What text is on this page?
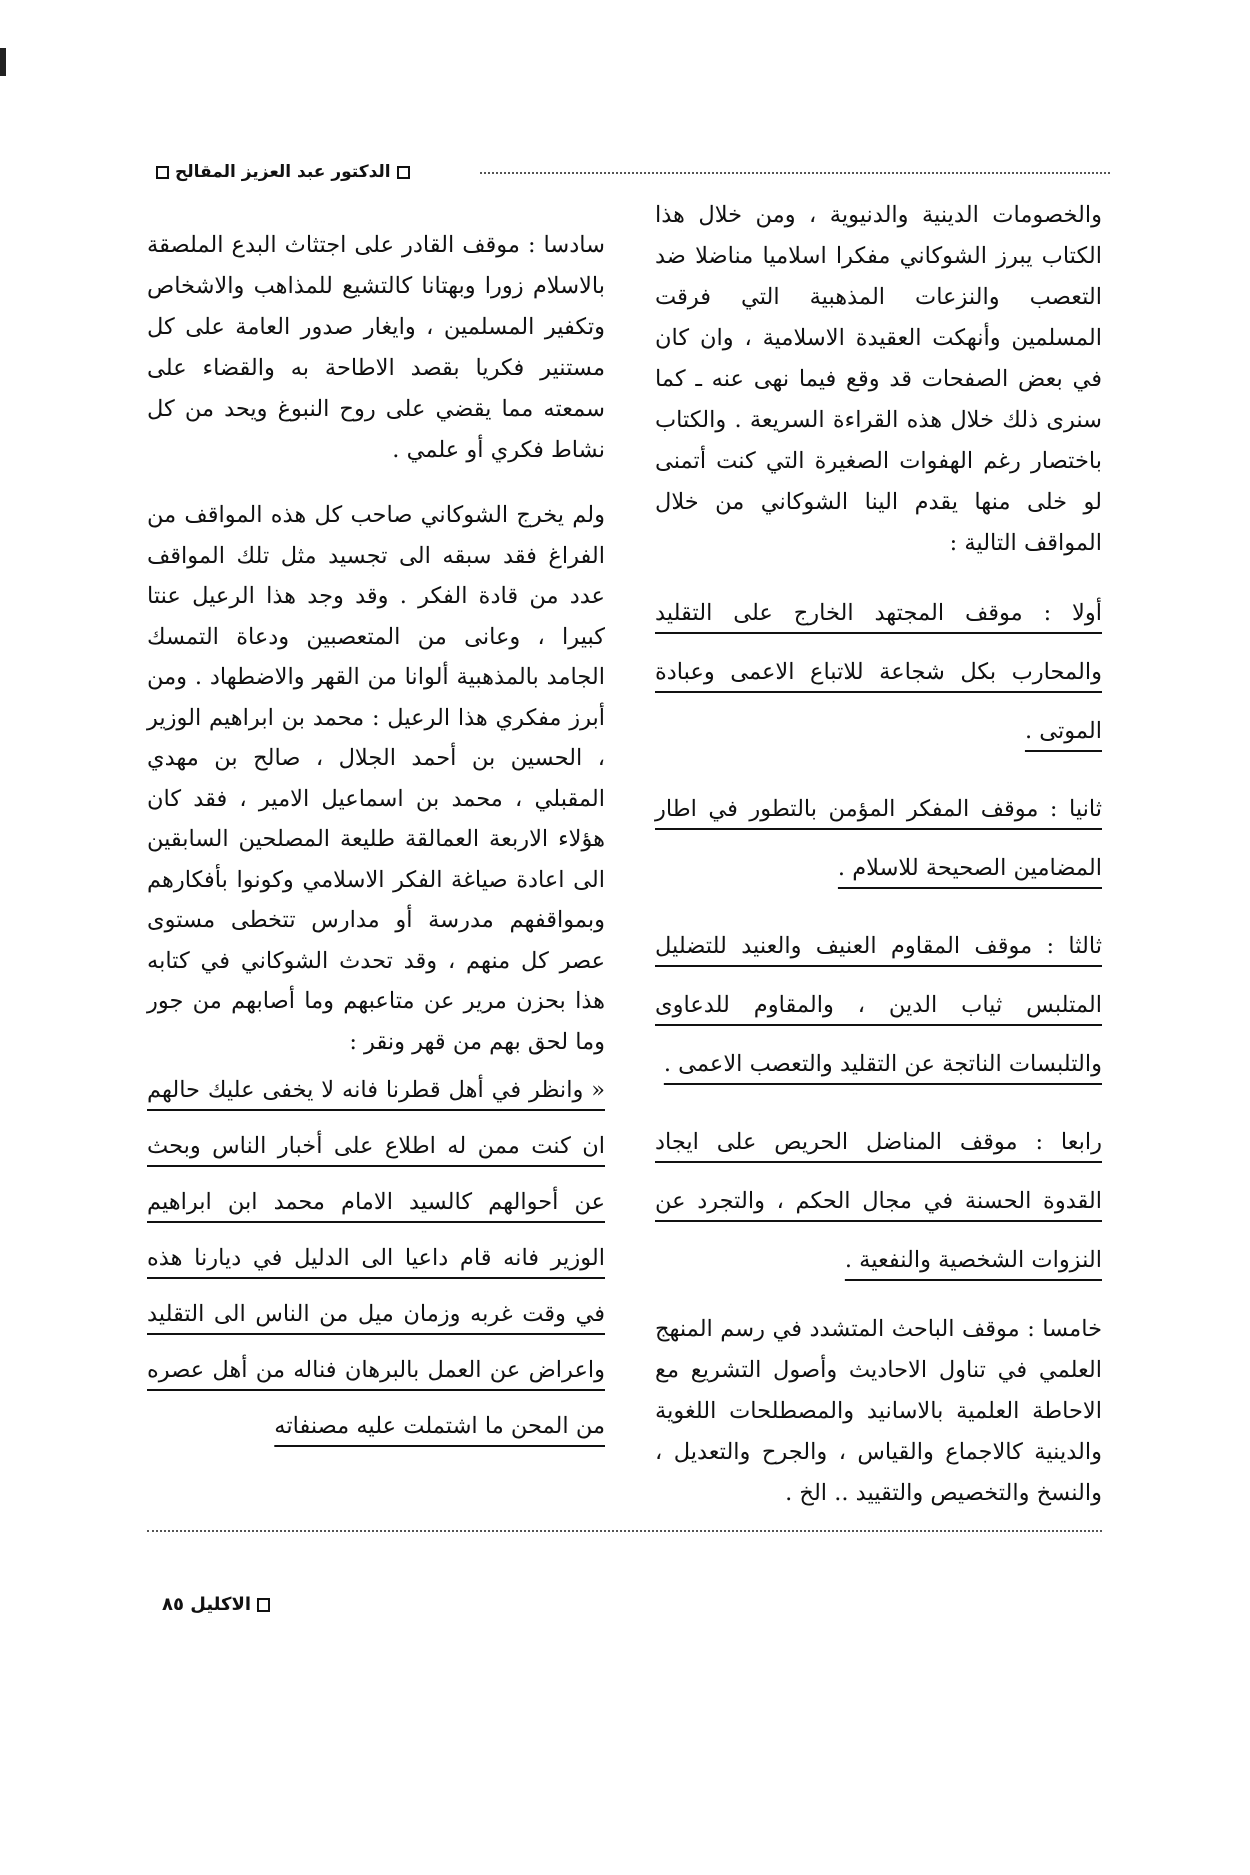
الدكتور عبد العزيز المقالح

والخصومات الدينية والدنيوية ، ومن خلال هذا الكتاب يبرز الشوكاني مفكرا اسلاميا مناضلا ضد التعصب والنزعات المذهبية التي فرقت المسلمين وأنهكت العقيدة الاسلامية ، وان كان في بعض الصفحات قد وقع فيما نهى عنه ـ كما سنرى ذلك خلال هذه القراءة السريعة . والكتاب باختصار رغم الهفوات الصغيرة التي كنت أتمنى لو خلى منها يقدم الينا الشوكاني من خلال المواقف التالية :

أولا : موقف المجتهد الخارج على التقليد والمحارب بكل شجاعة للاتباع الاعمى وعبادة الموتى .

ثانيا : موقف المفكر المؤمن بالتطور في اطار المضامين الصحيحة للاسلام .

ثالثا : موقف المقاوم العنيف والعنيد للتضليل المتلبس ثياب الدين ، والمقاوم للدعاوى والتلبسات الناتجة عن التقليد والتعصب الاعمى .

رابعا : موقف المناضل الحريص على ايجاد القدوة الحسنة في مجال الحكم ، والتجرد عن النزوات الشخصية والنفعية .

خامسا : موقف الباحث المتشدد في رسم المنهج العلمي في تناول الاحاديث وأصول التشريع مع الاحاطة العلمية بالاسانيد والمصطلحات اللغوية والدينية كالاجماع والقياس ، والجرح والتعديل ، والنسخ والتخصيص والتقييد .. الخ .

سادسا : موقف القادر على اجتثاث البدع الملصقة بالاسلام زورا وبهتانا كالتشيع للمذاهب والاشخاص وتكفير المسلمين ، وايغار صدور العامة على كل مستنير فكريا بقصد الاطاحة به والقضاء على سمعته مما يقضي على روح النبوغ ويحد من كل نشاط فكري أو علمي .

ولم يخرج الشوكاني صاحب كل هذه المواقف من الفراغ فقد سبقه الى تجسيد مثل تلك المواقف عدد من قادة الفكر . وقد وجد هذا الرعيل عنتا كبيرا ، وعانى من المتعصبين ودعاة التمسك الجامد بالمذهبية ألوانا من القهر والاضطهاد . ومن أبرز مفكري هذا الرعيل : محمد بن ابراهيم الوزير ، الحسين بن أحمد الجلال ، صالح بن مهدي المقبلي ، محمد بن اسماعيل الامير ، فقد كان هؤلاء الاربعة العمالقة طليعة المصلحين السابقين الى اعادة صياغة الفكر الاسلامي وكونوا بأفكارهم وبمواقفهم مدرسة أو مدارس تتخطى مستوى عصر كل منهم ، وقد تحدث الشوكاني في كتابه هذا بحزن مرير عن متاعبهم وما أصابهم من جور وما لحق بهم من قهر ونقر :

« وانظر في أهل قطرنا فانه لا يخفى عليك حالهم ان كنت ممن له اطلاع على أخبار الناس وبحث عن أحوالهم كالسيد الامام محمد ابن ابراهيم الوزير فانه قام داعيا الى الدليل في ديارنا هذه في وقت غربه وزمان ميل من الناس الى التقليد واعراض عن العمل بالبرهان فناله من أهل عصره من المحن ما اشتملت عليه مصنفاته

الاكليل ٨٥
